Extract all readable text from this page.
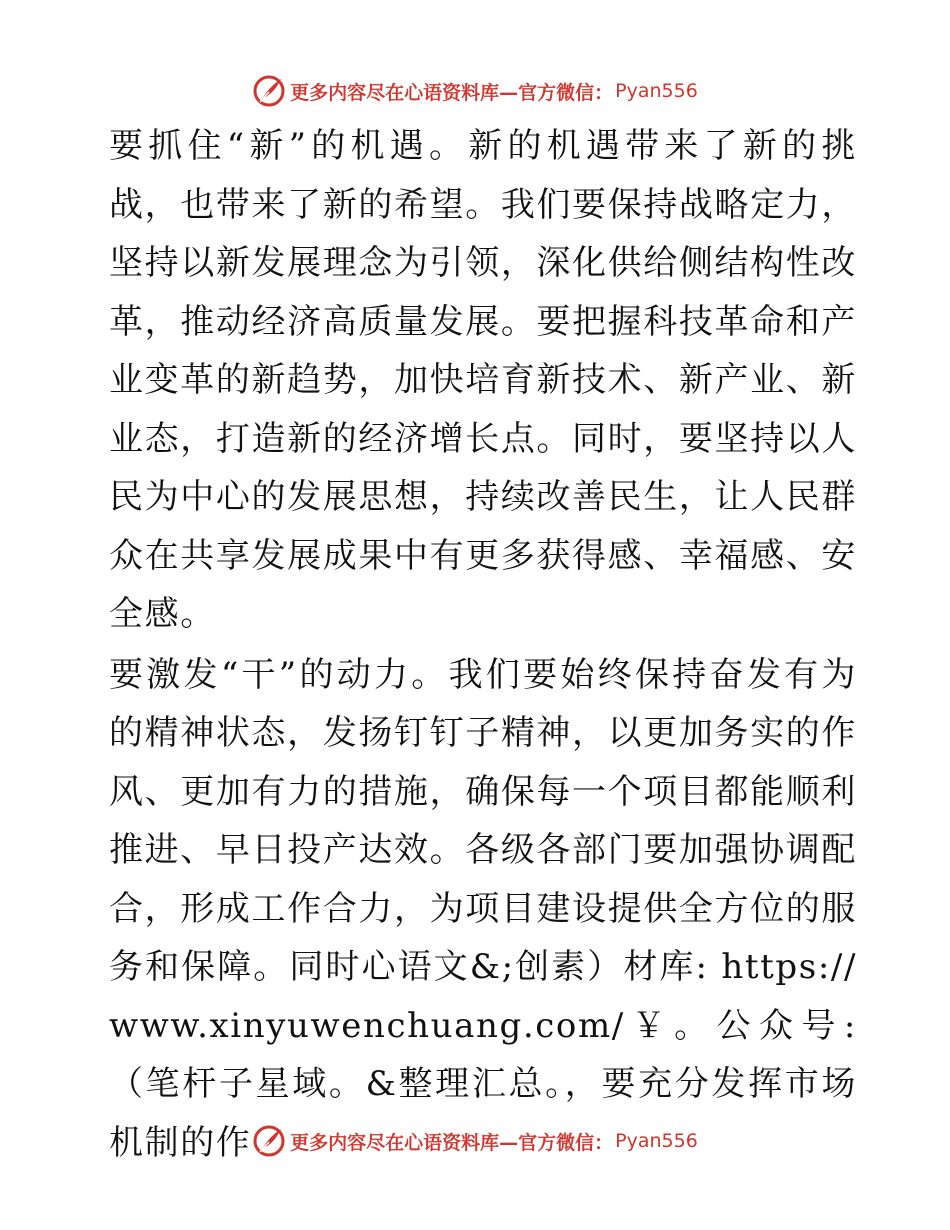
更多内容尽在心语资料库—官方微信： Pyan556

要抓住“新”的机遇。新的机遇带来了新的挑战，也带来了新的希望。我们要保持战略定力，坚持以新发展理念为引领，深化供给侧结构性改革，推动经济高质量发展。要把握科技革命和产业变革的新趋势，加快培育新技术、新产业、新业态，打造新的经济增长点。同时，要坚持以人民为中心的发展思想，持续改善民生，让人民群众在共享发展成果中有更多获得感、幸福感、安全感。

要激发“干”的动力。我们要始终保持奋发有为的精神状态，发扬钉钉子精神，以更加务实的作风、更加有力的措施，确保每一个项目都能顺利推进、早日投产达效。各级各部门要加强协调配合，形成工作合力，为项目建设提供全方位的服务和保障。同时心语文&;创素）材库: https://www.xinyuwenchuang.com/￥。公众号: （笔杆子星域。&整理汇总。，要充分发挥市场机制的作	更多内容尽在心语资料库—官方微信： Pyan556
